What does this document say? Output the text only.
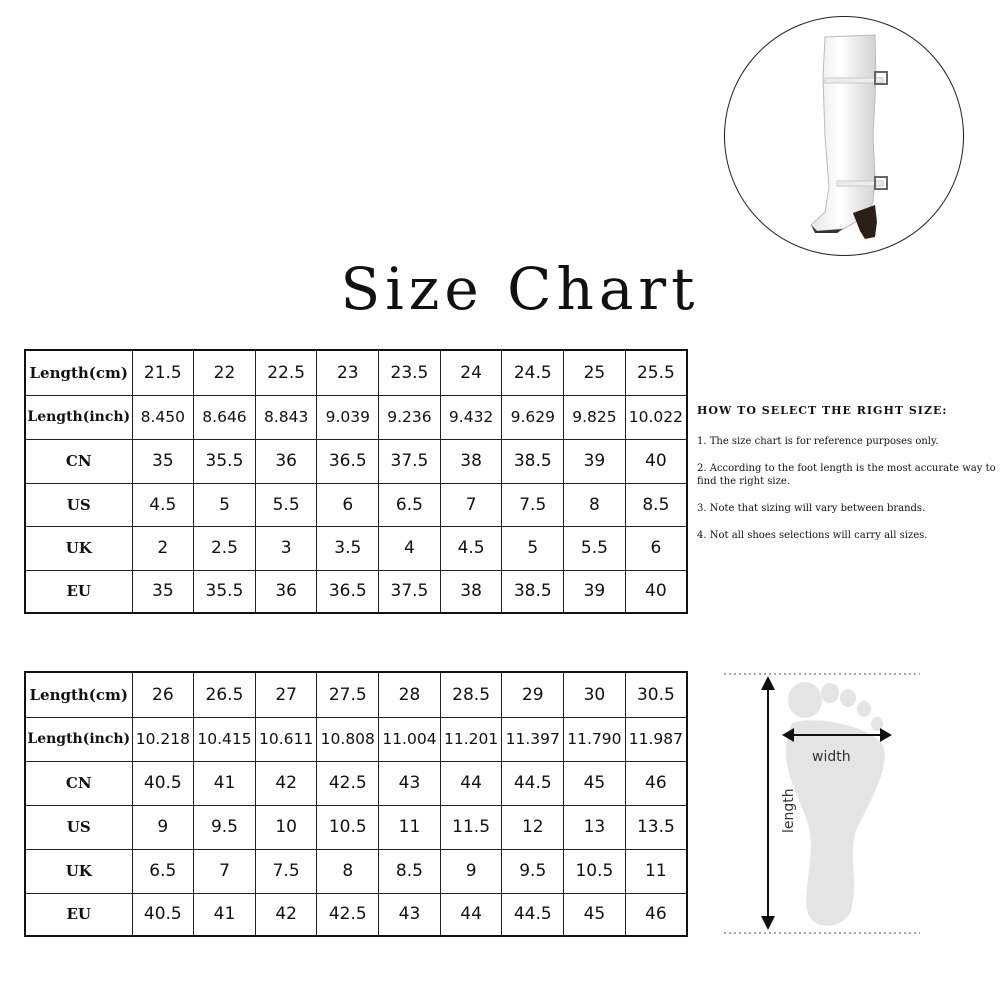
Size Chart
Length(cm)	21.5	22	22.5	23	23.5	24	24.5	25	25.5
Length(inch)	8.450	8.646	8.843	9.039	9.236	9.432	9.629	9.825	10.022
CN	35	35.5	36	36.5	37.5	38	38.5	39	40
US	4.5	5	5.5	6	6.5	7	7.5	8	8.5
UK	2	2.5	3	3.5	4	4.5	5	5.5	6
EU	35	35.5	36	36.5	37.5	38	38.5	39	40
HOW TO SELECT THE RIGHT SIZE:
1. The size chart is for reference purposes only.
2. According to the foot length is the most accurate way to find the right size.
3. Note that sizing will vary between brands.
4. Not all shoes selections will carry all sizes.
Length(cm)	26	26.5	27	27.5	28	28.5	29	30	30.5
Length(inch)	10.218	10.415	10.611	10.808	11.004	11.201	11.397	11.790	11.987
CN	40.5	41	42	42.5	43	44	44.5	45	46
US	9	9.5	10	10.5	11	11.5	12	13	13.5
UK	6.5	7	7.5	8	8.5	9	9.5	10.5	11
EU	40.5	41	42	42.5	43	44	44.5	45	46
width
length
